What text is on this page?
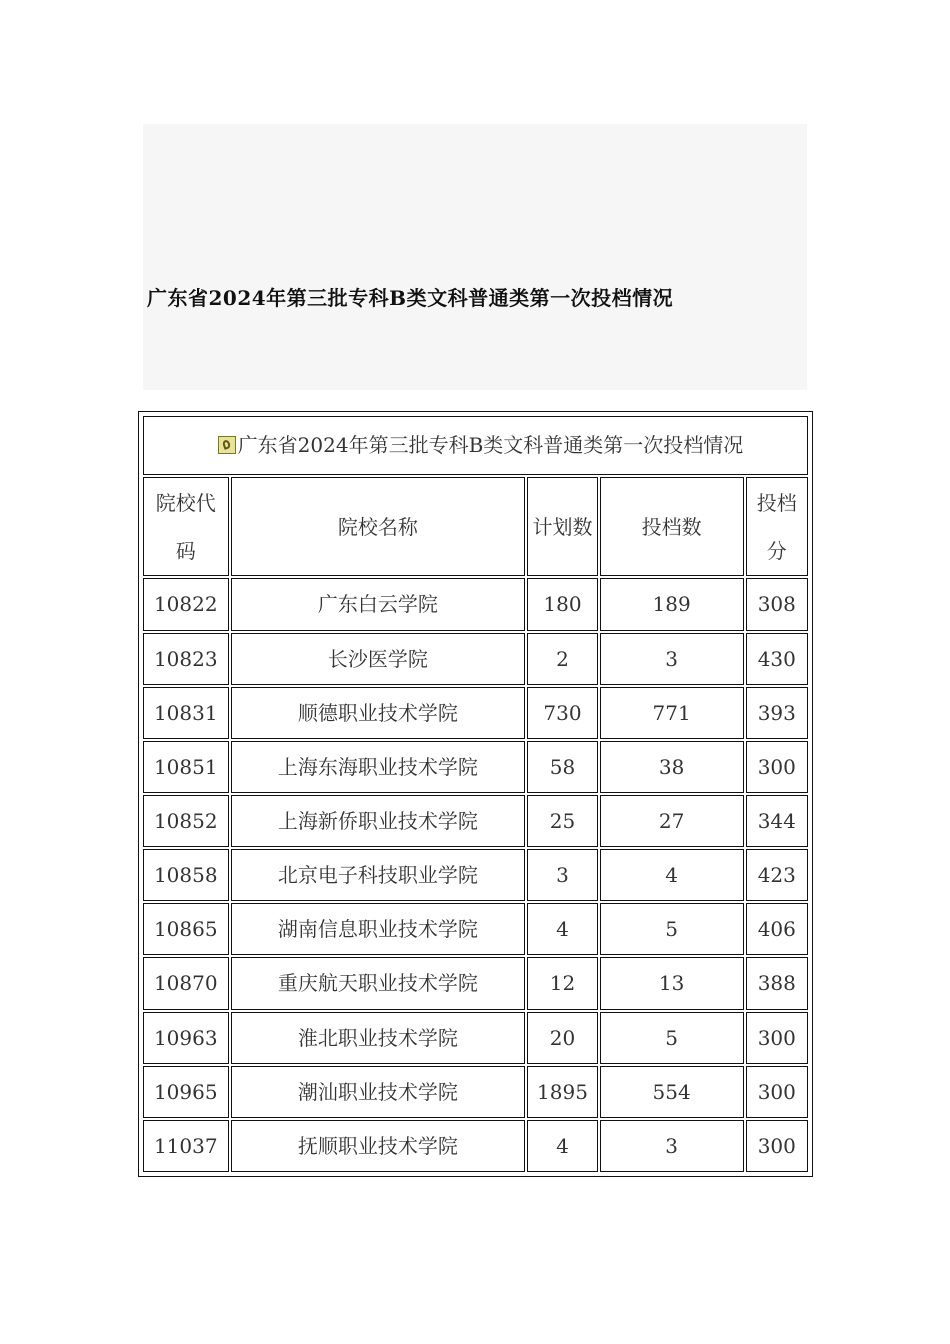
广东省2024年第三批专科B类文科普通类第一次投档情况
广东省2024年第三批专科B类文科普通类第一次投档情况				
院校代码	院校名称	计划数	投档数	投档分
10822	广东白云学院	180	189	308
10823	长沙医学院	2	3	430
10831	顺德职业技术学院	730	771	393
10851	上海东海职业技术学院	58	38	300
10852	上海新侨职业技术学院	25	27	344
10858	北京电子科技职业学院	3	4	423
10865	湖南信息职业技术学院	4	5	406
10870	重庆航天职业技术学院	12	13	388
10963	淮北职业技术学院	20	5	300
10965	潮汕职业技术学院	1895	554	300
11037	抚顺职业技术学院	4	3	300
